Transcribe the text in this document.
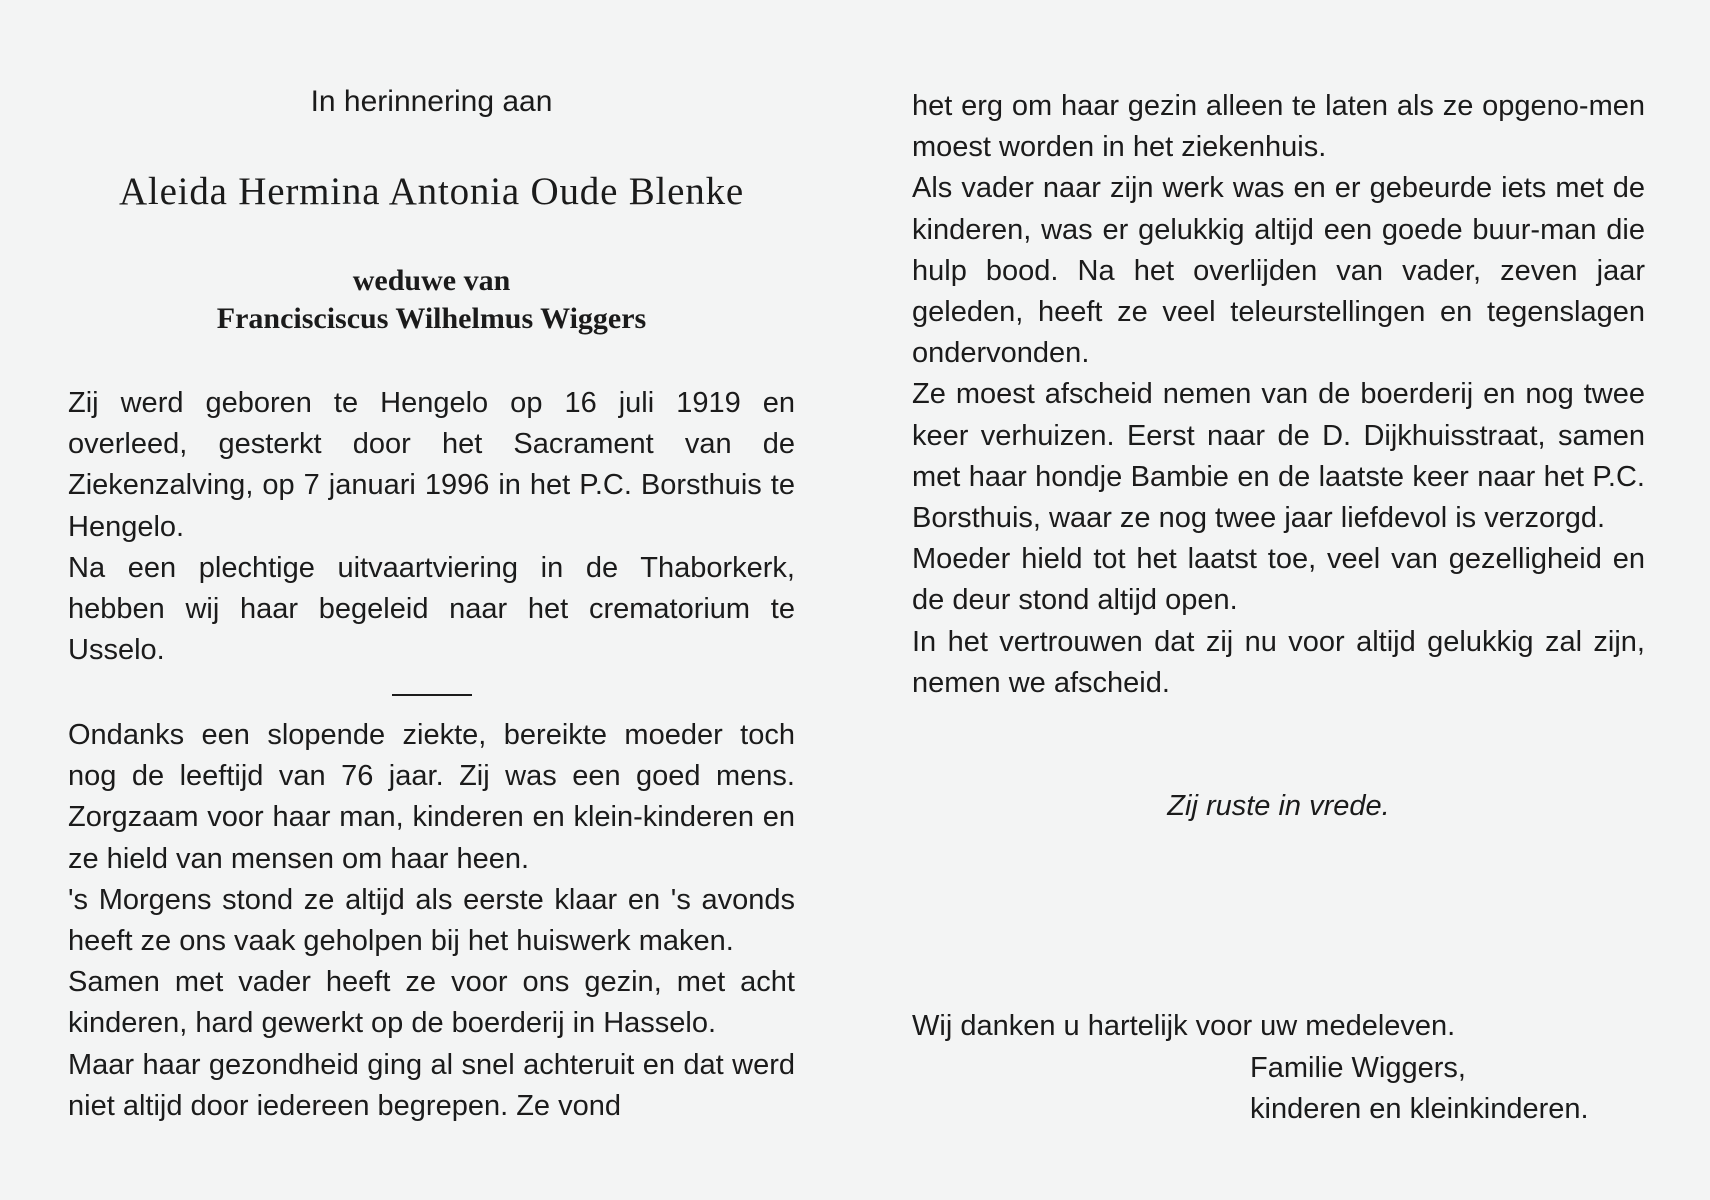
In herinnering aan

Aleida Hermina Antonia Oude Blenke
weduwe van
Francisciscus Wilhelmus Wiggers
Zij werd geboren te Hengelo op 16 juli 1919 en overleed, gesterkt door het Sacrament van de Ziekenzalving, op 7 januari 1996 in het P.C. Borsthuis te Hengelo.
Na een plechtige uitvaartviering in de Thaborkerk, hebben wij haar begeleid naar het crematorium te Usselo.
Ondanks een slopende ziekte, bereikte moeder toch nog de leeftijd van 76 jaar. Zij was een goed mens. Zorgzaam voor haar man, kinderen en klein-kinderen en ze hield van mensen om haar heen.
's Morgens stond ze altijd als eerste klaar en 's avonds heeft ze ons vaak geholpen bij het huiswerk maken.
Samen met vader heeft ze voor ons gezin, met acht kinderen, hard gewerkt op de boerderij in Hasselo.
Maar haar gezondheid ging al snel achteruit en dat werd niet altijd door iedereen begrepen. Ze vond
het erg om haar gezin alleen te laten als ze opgeno-men moest worden in het ziekenhuis.
Als vader naar zijn werk was en er gebeurde iets met de kinderen, was er gelukkig altijd een goede buur-man die hulp bood. Na het overlijden van vader, zeven jaar geleden, heeft ze veel teleurstellingen en tegenslagen ondervonden.
Ze moest afscheid nemen van de boerderij en nog twee keer verhuizen. Eerst naar de D. Dijkhuisstraat, samen met haar hondje Bambie en de laatste keer naar het P.C. Borsthuis, waar ze nog twee jaar liefdevol is verzorgd.
Moeder hield tot het laatst toe, veel van gezelligheid en de deur stond altijd open.
In het vertrouwen dat zij nu voor altijd gelukkig zal zijn, nemen we afscheid.

Zij ruste in vrede.

Wij danken u hartelijk voor uw medeleven.

Familie Wiggers,
kinderen en kleinkinderen.
